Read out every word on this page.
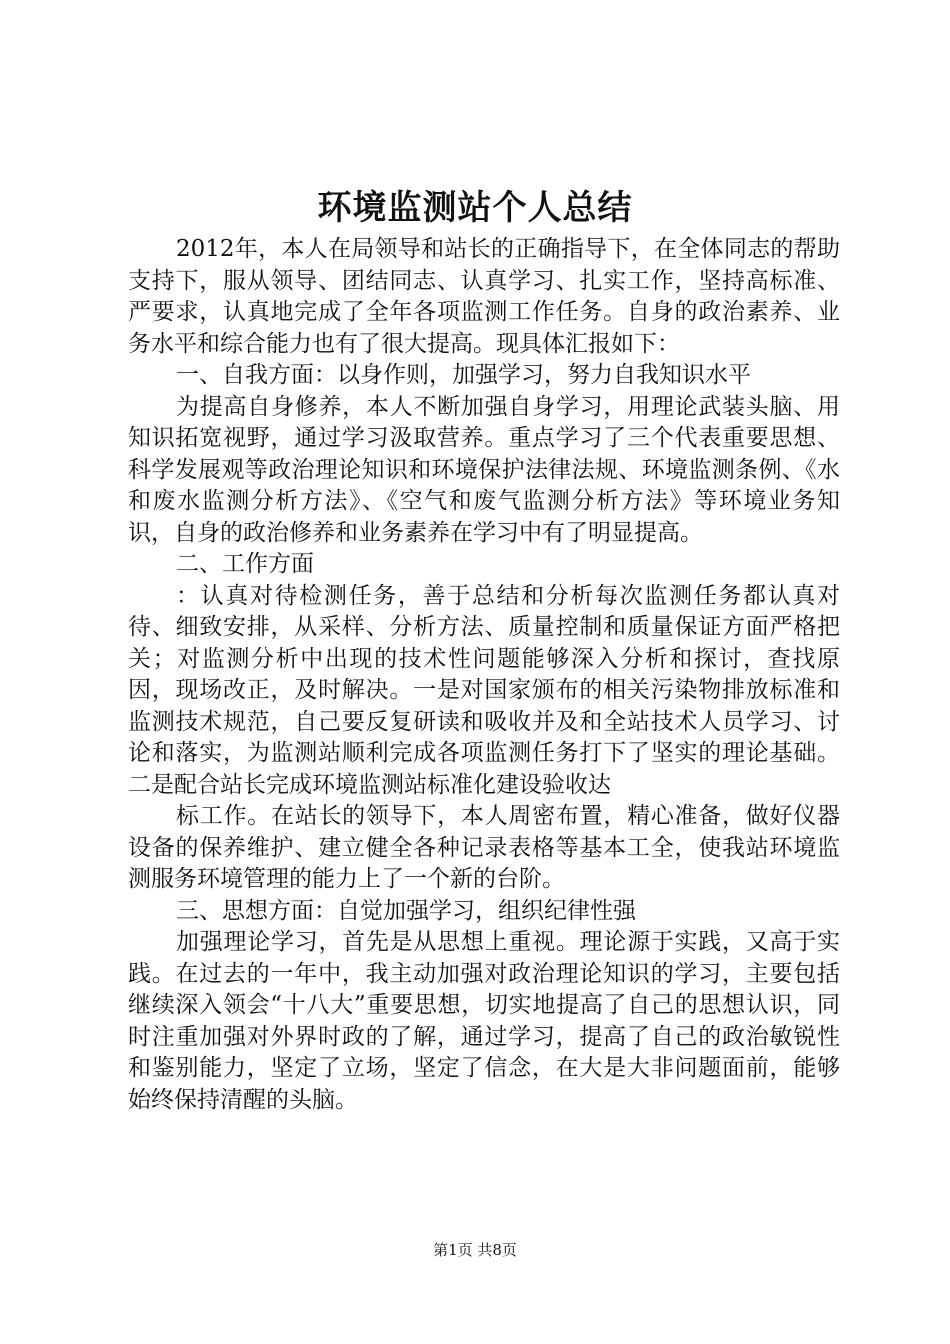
环境监测站个人总结

2012年，本人在局领导和站长的正确指导下，在全体同志的帮助支持下，服从领导、团结同志、认真学习、扎实工作，坚持高标准、严要求，认真地完成了全年各项监测工作任务。自身的政治素养、业务水平和综合能力也有了很大提高。现具体汇报如下：

一、自我方面：以身作则，加强学习，努力自我知识水平

为提高自身修养，本人不断加强自身学习，用理论武装头脑、用知识拓宽视野，通过学习汲取营养。重点学习了三个代表重要思想、科学发展观等政治理论知识和环境保护法律法规、环境监测条例、《水和废水监测分析方法》、《空气和废气监测分析方法》等环境业务知识，自身的政治修养和业务素养在学习中有了明显提高。

二、工作方面

：认真对待检测任务，善于总结和分析每次监测任务都认真对待、细致安排，从采样、分析方法、质量控制和质量保证方面严格把关；对监测分析中出现的技术性问题能够深入分析和探讨，查找原因，现场改正，及时解决。一是对国家颁布的相关污染物排放标准和监测技术规范，自己要反复研读和吸收并及和全站技术人员学习、讨论和落实，为监测站顺利完成各项监测任务打下了坚实的理论基础。二是配合站长完成环境监测站标准化建设验收达

标工作。在站长的领导下，本人周密布置，精心准备，做好仪器设备的保养维护、建立健全各种记录表格等基本工全，使我站环境监测服务环境管理的能力上了一个新的台阶。

三、思想方面：自觉加强学习，组织纪律性强

加强理论学习，首先是从思想上重视。理论源于实践，又高于实践。在过去的一年中，我主动加强对政治理论知识的学习，主要包括继续深入领会“十八大”重要思想，切实地提高了自己的思想认识，同时注重加强对外界时政的了解，通过学习，提高了自己的政治敏锐性和鉴别能力，坚定了立场，坚定了信念，在大是大非问题面前，能够始终保持清醒的头脑。

第1页 共8页
